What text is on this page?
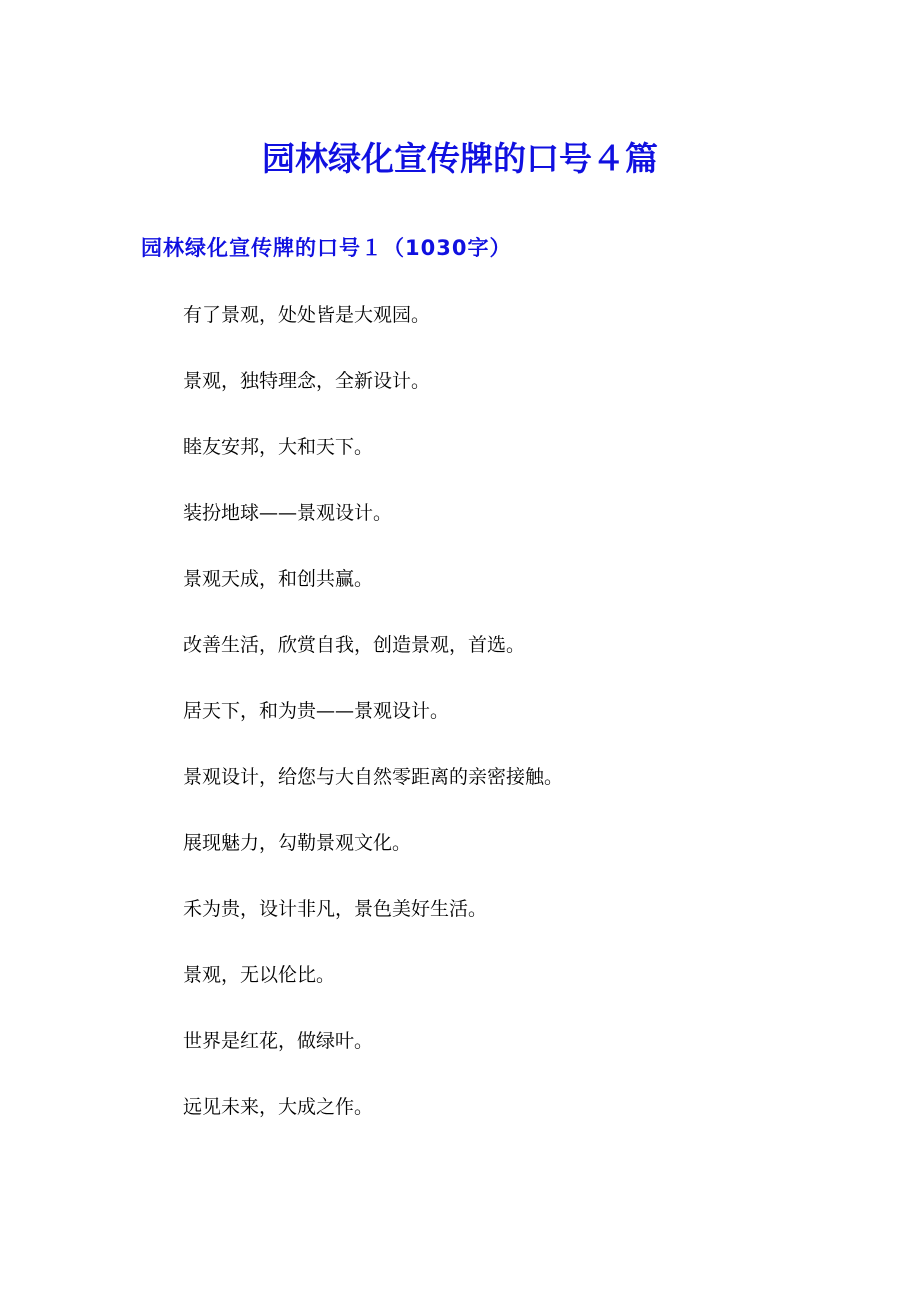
园林绿化宣传牌的口号４篇
园林绿化宣传牌的口号１（1030字）
有了景观，处处皆是大观园。
景观，独特理念，全新设计。
睦友安邦，大和天下。
装扮地球——景观设计。
景观天成，和创共赢。
改善生活，欣赏自我，创造景观，首选。
居天下，和为贵——景观设计。
景观设计，给您与大自然零距离的亲密接触。
展现魅力，勾勒景观文化。
禾为贵，设计非凡，景色美好生活。
景观，无以伦比。
世界是红花，做绿叶。
远见未来，大成之作。
